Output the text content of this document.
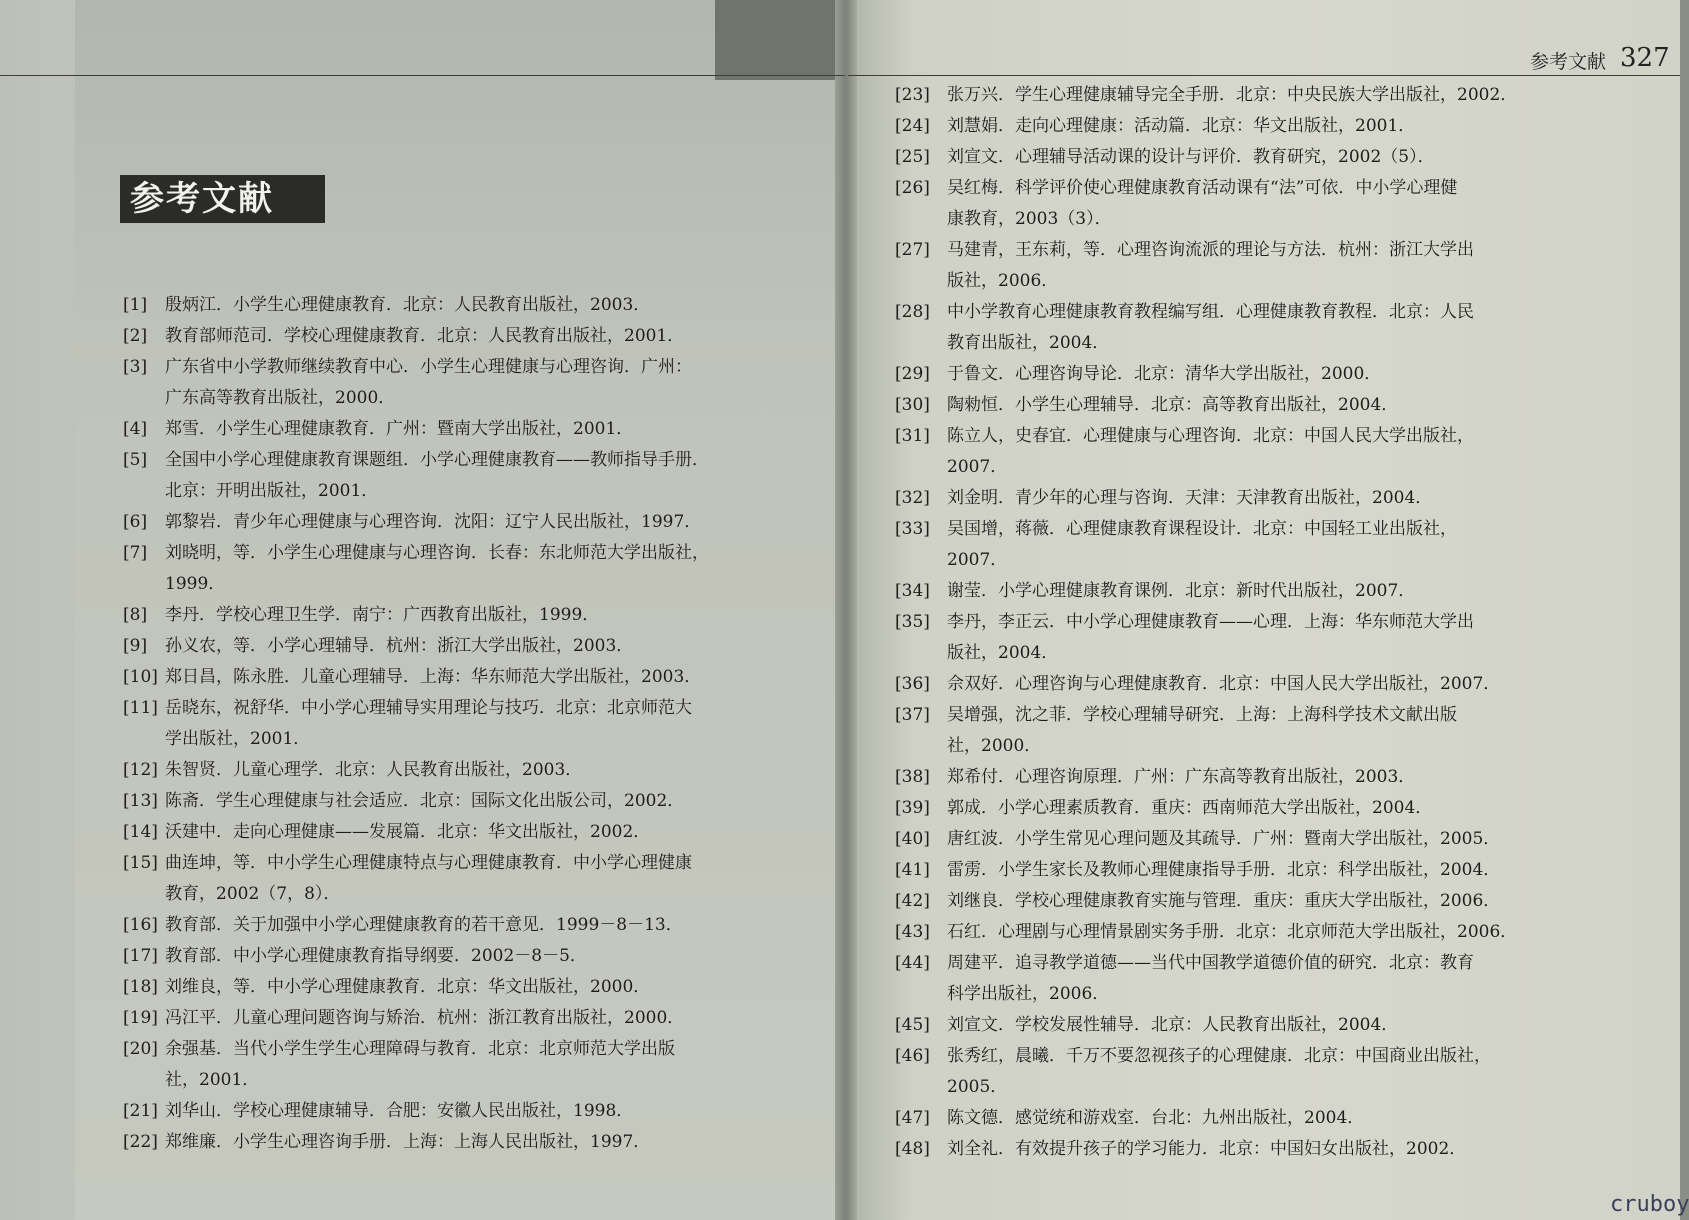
参考文献 327
参考文献
[1] 殷炳江．小学生心理健康教育．北京：人民教育出版社，2003．
[2] 教育部师范司．学校心理健康教育．北京：人民教育出版社，2001．
[3] 广东省中小学教师继续教育中心．小学生心理健康与心理咨询．广州：
广东高等教育出版社，2000．
[4] 郑雪．小学生心理健康教育．广州：暨南大学出版社，2001．
[5] 全国中小学心理健康教育课题组．小学心理健康教育——教师指导手册．
北京：开明出版社，2001．
[6] 郭黎岩．青少年心理健康与心理咨询．沈阳：辽宁人民出版社，1997．
[7] 刘晓明，等．小学生心理健康与心理咨询．长春：东北师范大学出版社，
1999．
[8] 李丹．学校心理卫生学．南宁：广西教育出版社，1999．
[9] 孙义农，等．小学心理辅导．杭州：浙江大学出版社，2003．
[10] 郑日昌，陈永胜．儿童心理辅导．上海：华东师范大学出版社，2003．
[11] 岳晓东，祝舒华．中小学心理辅导实用理论与技巧．北京：北京师范大
学出版社，2001．
[12] 朱智贤．儿童心理学．北京：人民教育出版社，2003．
[13] 陈斋．学生心理健康与社会适应．北京：国际文化出版公司，2002．
[14] 沃建中．走向心理健康——发展篇．北京：华文出版社，2002．
[15] 曲连坤，等．中小学生心理健康特点与心理健康教育．中小学心理健康
教育，2002（7，8）．
[16] 教育部．关于加强中小学心理健康教育的若干意见．1999－8－13．
[17] 教育部．中小学心理健康教育指导纲要．2002－8－5．
[18] 刘维良，等．中小学心理健康教育．北京：华文出版社，2000．
[19] 冯江平．儿童心理问题咨询与矫治．杭州：浙江教育出版社，2000．
[20] 余强基．当代小学生学生心理障碍与教育．北京：北京师范大学出版
社，2001．
[21] 刘华山．学校心理健康辅导．合肥：安徽人民出版社，1998．
[22] 郑维廉．小学生心理咨询手册．上海：上海人民出版社，1997．
[23] 张万兴．学生心理健康辅导完全手册．北京：中央民族大学出版社，2002．
[24] 刘慧娟．走向心理健康：活动篇．北京：华文出版社，2001．
[25] 刘宣文．心理辅导活动课的设计与评价．教育研究，2002（5）．
[26] 吴红梅．科学评价使心理健康教育活动课有“法”可依．中小学心理健
康教育，2003（3）．
[27] 马建青，王东莉，等．心理咨询流派的理论与方法．杭州：浙江大学出
版社，2006．
[28] 中小学教育心理健康教育教程编写组．心理健康教育教程．北京：人民
教育出版社，2004．
[29] 于鲁文．心理咨询导论．北京：清华大学出版社，2000．
[30] 陶勑恒．小学生心理辅导．北京：高等教育出版社，2004．
[31] 陈立人，史春宜．心理健康与心理咨询．北京：中国人民大学出版社，
2007．
[32] 刘金明．青少年的心理与咨询．天津：天津教育出版社，2004．
[33] 吴国增，蒋薇．心理健康教育课程设计．北京：中国轻工业出版社，
2007．
[34] 谢莹．小学心理健康教育课例．北京：新时代出版社，2007．
[35] 李丹，李正云．中小学心理健康教育——心理．上海：华东师范大学出
版社，2004．
[36] 佘双好．心理咨询与心理健康教育．北京：中国人民大学出版社，2007．
[37] 吴增强，沈之菲．学校心理辅导研究．上海：上海科学技术文献出版
社，2000．
[38] 郑希付．心理咨询原理．广州：广东高等教育出版社，2003．
[39] 郭成．小学心理素质教育．重庆：西南师范大学出版社，2004．
[40] 唐红波．小学生常见心理问题及其疏导．广州：暨南大学出版社，2005．
[41] 雷雳．小学生家长及教师心理健康指导手册．北京：科学出版社，2004．
[42] 刘继良．学校心理健康教育实施与管理．重庆：重庆大学出版社，2006．
[43] 石红．心理剧与心理情景剧实务手册．北京：北京师范大学出版社，2006．
[44] 周建平．追寻教学道德——当代中国教学道德价值的研究．北京：教育
科学出版社，2006．
[45] 刘宣文．学校发展性辅导．北京：人民教育出版社，2004．
[46] 张秀红，晨曦．千万不要忽视孩子的心理健康．北京：中国商业出版社，
2005．
[47] 陈文德．感觉统和游戏室．台北：九州出版社，2004．
[48] 刘全礼．有效提升孩子的学习能力．北京：中国妇女出版社，2002．
cruboy
